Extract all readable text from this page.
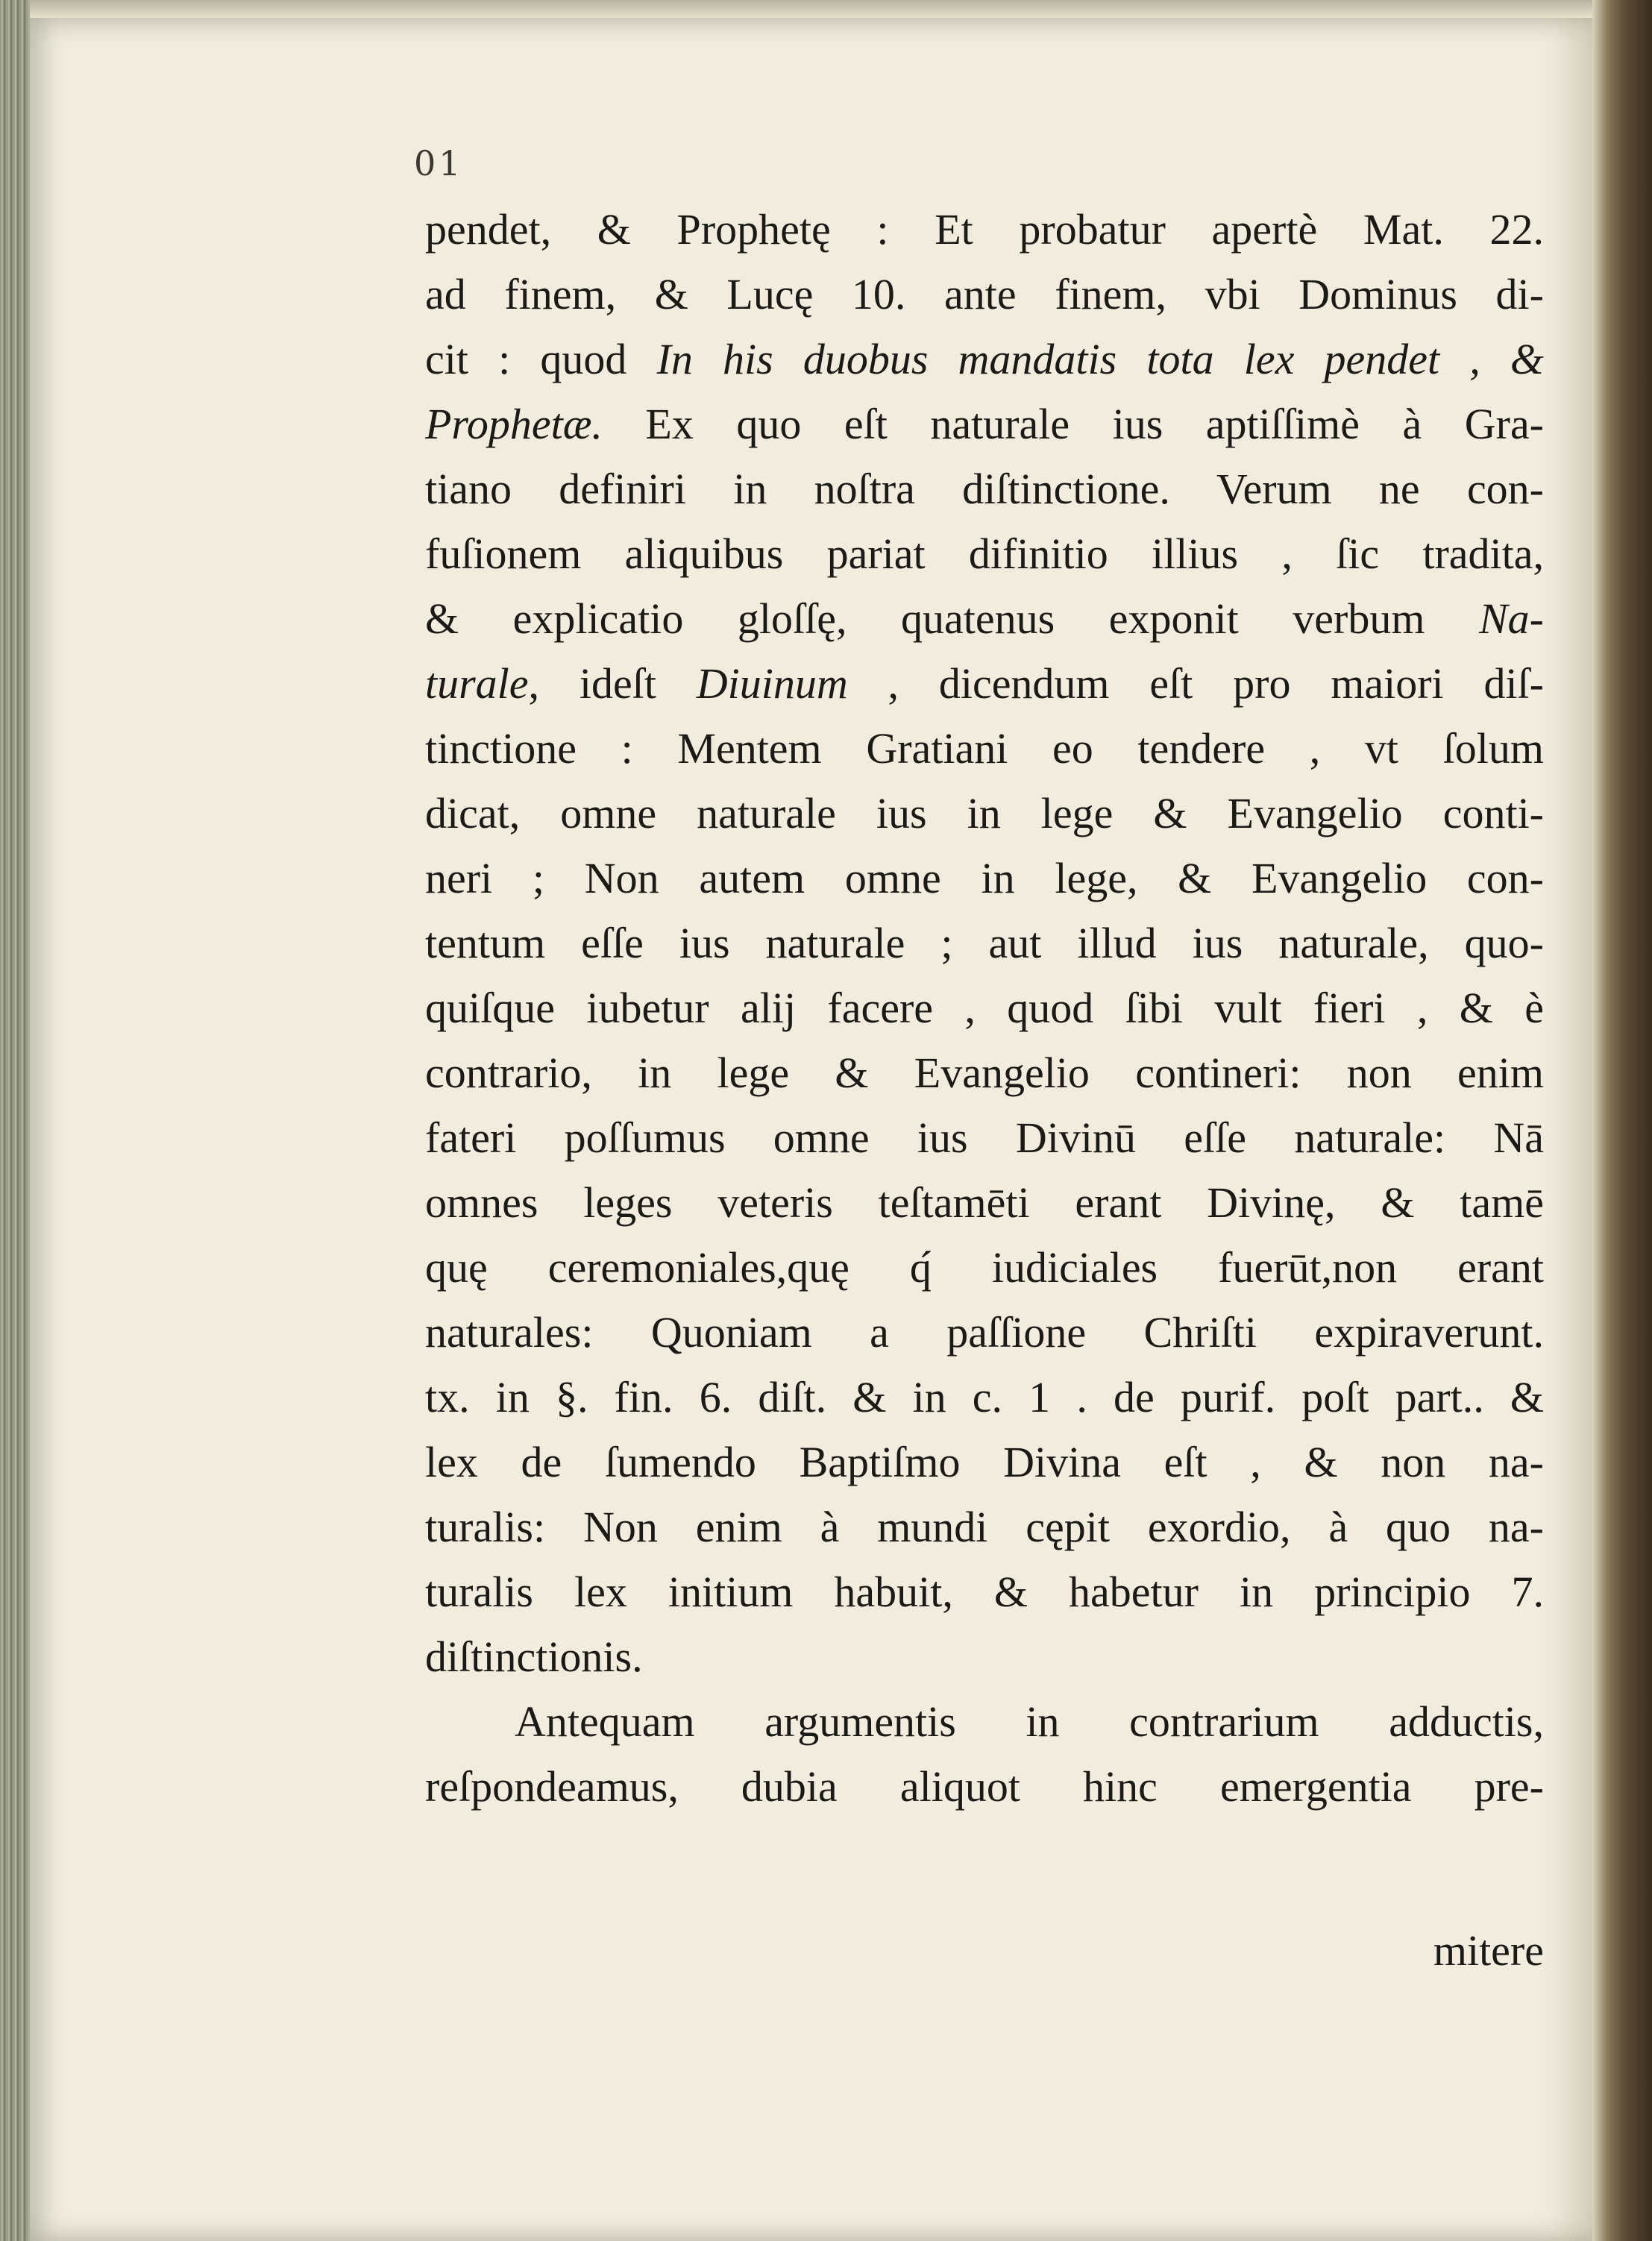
01
pendet, & Prophetę : Et probatur apertè Mat. 22.
ad finem, & Lucę 10. ante finem, vbi Dominus di-
cit : quod In his duobus mandatis tota lex pendet , &
Prophetæ. Ex quo eſt naturale ius aptiſſimè à Gra-
tiano definiri in noſtra diſtinctione. Verum ne con-
fuſionem aliquibus pariat difinitio illius , ſic tradita,
& explicatio gloſſę, quatenus exponit verbum Na-
turale, ideſt Diuinum , dicendum eſt pro maiori diſ-
tinctione : Mentem Gratiani eo tendere , vt ſolum
dicat, omne naturale ius in lege & Evangelio conti-
neri ; Non autem omne in lege, & Evangelio con-
tentum eſſe ius naturale ; aut illud ius naturale, quo-
quiſque iubetur alij facere , quod ſibi vult fieri , & è
contrario, in lege & Evangelio contineri: non enim
fateri poſſumus omne ius Divinū eſſe naturale: Nā
omnes leges veteris teſtamēti erant Divinę, & tamē
quę ceremoniales,quę q́ iudiciales fuerūt,non erant
naturales: Quoniam a paſſione Chriſti expiraverunt.
tx. in §. fin. 6. diſt. & in c. 1 . de purif. poſt part.. &
lex de ſumendo Baptiſmo Divina eſt , & non na-
turalis: Non enim à mundi cępit exordio, à quo na-
turalis lex initium habuit, & habetur in principio 7.
diſtinctionis.
Antequam argumentis in contrarium adductis,
reſpondeamus, dubia aliquot hinc emergentia pre-
mitere
